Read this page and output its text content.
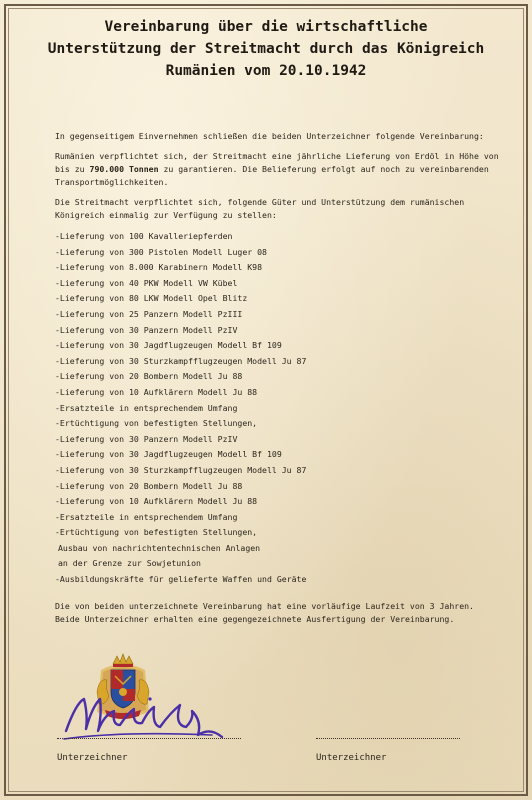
Vereinbarung über die wirtschaftliche
Unterstützung der Streitmacht durch das Königreich
Rumänien vom 20.10.1942

In gegenseitigem Einvernehmen schließen die beiden Unterzeichner folgende Vereinbarung:

Rumänien verpflichtet sich, der Streitmacht eine jährliche Lieferung von Erdöl in Höhe von bis zu 790.000 Tonnen zu garantieren. Die Belieferung erfolgt auf noch zu vereinbarenden Transportmöglichkeiten.

Die Streitmacht verpflichtet sich, folgende Güter und Unterstützung dem rumänischen Königreich einmalig zur Verfügung zu stellen:

-Lieferung von 100 Kavalleriepferden
-Lieferung von 300 Pistolen Modell Luger 08
-Lieferung von 8.000 Karabinern Modell K98
-Lieferung von 40 PKW Modell VW Kübel
-Lieferung von 80 LKW Modell Opel Blitz
-Lieferung von 25 Panzern Modell PzIII
-Lieferung von 30 Panzern Modell PzIV
-Lieferung von 30 Jagdflugzeugen Modell Bf 109
-Lieferung von 30 Sturzkampfflugzeugen Modell Ju 87
-Lieferung von 20 Bombern Modell Ju 88
-Lieferung von 10 Aufklärern Modell Ju 88
-Ersatzteile in entsprechendem Umfang
-Ertüchtigung von befestigten Stellungen,
-Lieferung von 30 Panzern Modell PzIV
-Lieferung von 30 Jagdflugzeugen Modell Bf 109
-Lieferung von 30 Sturzkampfflugzeugen Modell Ju 87
-Lieferung von 20 Bombern Modell Ju 88
-Lieferung von 10 Aufklärern Modell Ju 88
-Ersatzteile in entsprechendem Umfang
-Ertüchtigung von befestigten Stellungen,
Ausbau von nachrichtentechnischen Anlagen
an der Grenze zur Sowjetunion
-Ausbildungskräfte für gelieferte Waffen und Geräte

Die von beiden unterzeichnete Vereinbarung hat eine vorläufige Laufzeit von 3 Jahren.
Beide Unterzeichner erhalten eine gegengezeichnete Ausfertigung der Vereinbarung.

Unterzeichner	Unterzeichner
